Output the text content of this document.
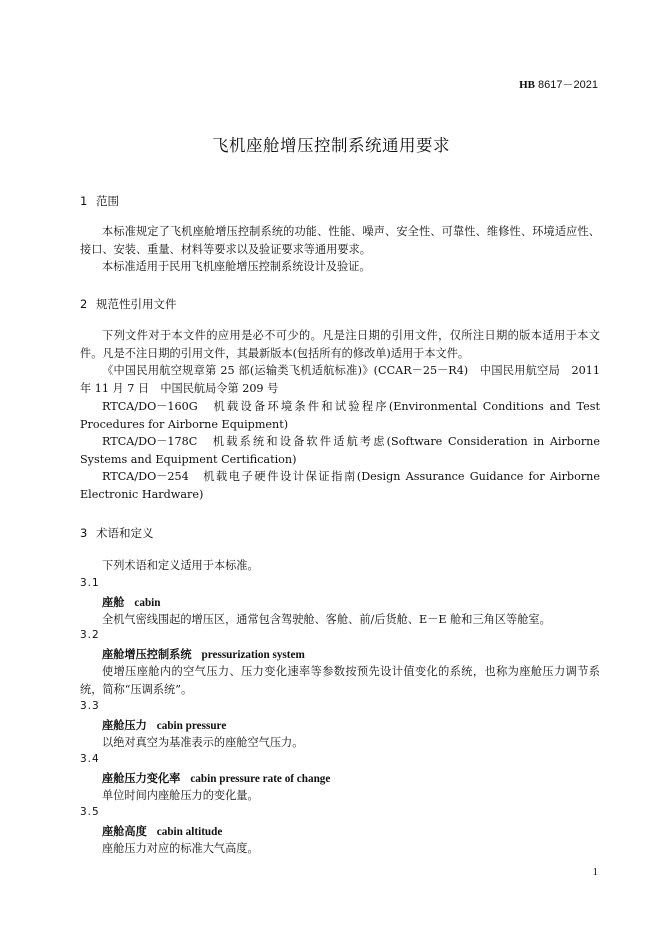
HB 8617－2021
飞机座舱增压控制系统通用要求
1 范围
本标准规定了飞机座舱增压控制系统的功能、性能、噪声、安全性、可靠性、维修性、环境适应性、接口、安装、重量、材料等要求以及验证要求等通用要求。
本标准适用于民用飞机座舱增压控制系统设计及验证。
2 规范性引用文件
下列文件对于本文件的应用是必不可少的。凡是注日期的引用文件，仅所注日期的版本适用于本文件。凡是不注日期的引用文件，其最新版本(包括所有的修改单)适用于本文件。
《中国民用航空规章第 25 部(运输类飞机适航标准)》(CCAR－25－R4)　中国民用航空局　2011 年 11 月 7 日　中国民航局令第 209 号
RTCA/DO－160G　机载设备环境条件和试验程序(Environmental Conditions and Test Procedures for Airborne Equipment)
RTCA/DO－178C　机载系统和设备软件适航考虑(Software Consideration in Airborne Systems and Equipment Certification)
RTCA/DO－254　机载电子硬件设计保证指南(Design Assurance Guidance for Airborne Electronic Hardware)
3 术语和定义
下列术语和定义适用于本标准。
3.1
座舱 cabin
全机气密线围起的增压区，通常包含驾驶舱、客舱、前/后货舱、E－E 舱和三角区等舱室。
3.2
座舱增压控制系统 pressurization system
使增压座舱内的空气压力、压力变化速率等参数按预先设计值变化的系统，也称为座舱压力调节系统，简称“压调系统”。
3.3
座舱压力 cabin pressure
以绝对真空为基准表示的座舱空气压力。
3.4
座舱压力变化率 cabin pressure rate of change
单位时间内座舱压力的变化量。
3.5
座舱高度 cabin altitude
座舱压力对应的标准大气高度。
1
